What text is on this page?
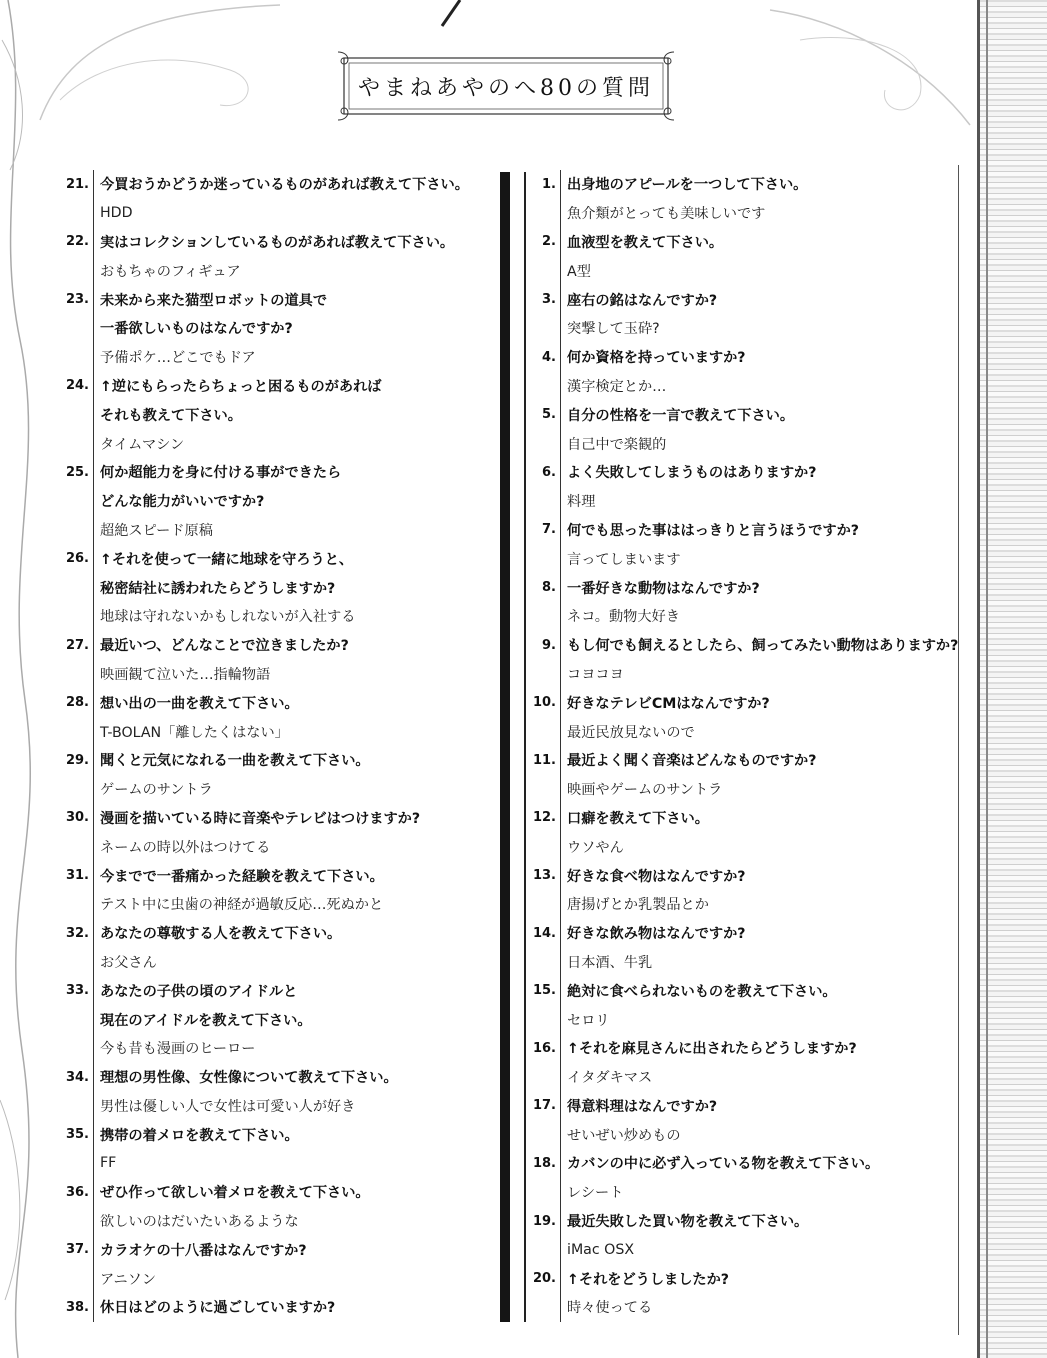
やまねあやのへ80の質問
21. 今買おうかどうか迷っているものがあれば教えて下さい。
HDD
22. 実はコレクションしているものがあれば教えて下さい。
おもちゃのフィギュア
23. 未来から来た猫型ロボットの道具で
一番欲しいものはなんですか?
予備ポケ…どこでもドア
24. ↑逆にもらったらちょっと困るものがあれば
それも教えて下さい。
タイムマシン
25. 何か超能力を身に付ける事ができたら
どんな能力がいいですか?
超絶スピード原稿
26. ↑それを使って一緒に地球を守ろうと、
秘密結社に誘われたらどうしますか?
地球は守れないかもしれないが入社する
27. 最近いつ、どんなことで泣きましたか?
映画観て泣いた…指輪物語
28. 想い出の一曲を教えて下さい。
T-BOLAN「離したくはない」
29. 聞くと元気になれる一曲を教えて下さい。
ゲームのサントラ
30. 漫画を描いている時に音楽やテレビはつけますか?
ネームの時以外はつけてる
31. 今までで一番痛かった経験を教えて下さい。
テスト中に虫歯の神経が過敏反応…死ぬかと
32. あなたの尊敬する人を教えて下さい。
お父さん
33. あなたの子供の頃のアイドルと
現在のアイドルを教えて下さい。
今も昔も漫画のヒーロー
34. 理想の男性像、女性像について教えて下さい。
男性は優しい人で女性は可愛い人が好き
35. 携帯の着メロを教えて下さい。
FF
36. ぜひ作って欲しい着メロを教えて下さい。
欲しいのはだいたいあるような
37. カラオケの十八番はなんですか?
アニソン
38. 休日はどのように過ごしていますか?
1. 出身地のアピールを一つして下さい。
魚介類がとっても美味しいです
2. 血液型を教えて下さい。
A型
3. 座右の銘はなんですか?
突撃して玉砕?
4. 何か資格を持っていますか?
漢字検定とか…
5. 自分の性格を一言で教えて下さい。
自己中で楽観的
6. よく失敗してしまうものはありますか?
料理
7. 何でも思った事ははっきりと言うほうですか?
言ってしまいます
8. 一番好きな動物はなんですか?
ネコ。動物大好き
9. もし何でも飼えるとしたら、飼ってみたい動物はありますか?
コヨコヨ
10. 好きなテレビCMはなんですか?
最近民放見ないので
11. 最近よく聞く音楽はどんなものですか?
映画やゲームのサントラ
12. 口癖を教えて下さい。
ウソやん
13. 好きな食べ物はなんですか?
唐揚げとか乳製品とか
14. 好きな飲み物はなんですか?
日本酒、牛乳
15. 絶対に食べられないものを教えて下さい。
セロリ
16. ↑それを麻見さんに出されたらどうしますか?
イタダキマス
17. 得意料理はなんですか?
せいぜい炒めもの
18. カバンの中に必ず入っている物を教えて下さい。
レシート
19. 最近失敗した買い物を教えて下さい。
iMac OSX
20. ↑それをどうしましたか?
時々使ってる
